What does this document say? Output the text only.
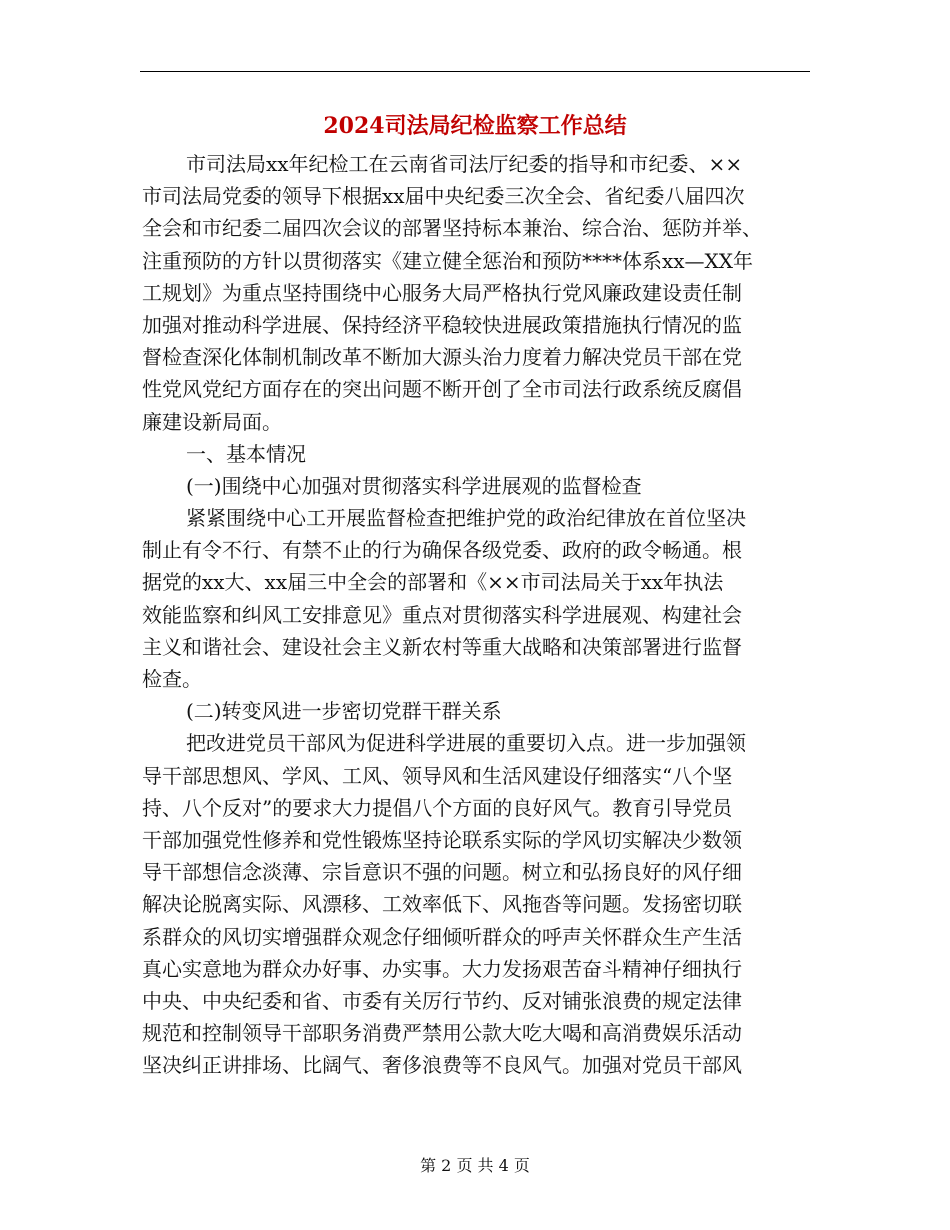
2024司法局纪检监察工作总结
市司法局xx年纪检工在云南省司法厅纪委的指导和市纪委、××
市司法局党委的领导下根据xx届中央纪委三次全会、省纪委八届四次
全会和市纪委二届四次会议的部署坚持标本兼治、综合治、惩防并举、
注重预防的方针以贯彻落实《建立健全惩治和预防****体系xx—XX年
工规划》为重点坚持围绕中心服务大局严格执行党风廉政建设责任制
加强对推动科学进展、保持经济平稳较快进展政策措施执行情况的监
督检查深化体制机制改革不断加大源头治力度着力解决党员干部在党
性党风党纪方面存在的突出问题不断开创了全市司法行政系统反腐倡
廉建设新局面。
一、基本情况
(一)围绕中心加强对贯彻落实科学进展观的监督检查
紧紧围绕中心工开展监督检查把维护党的政治纪律放在首位坚决
制止有令不行、有禁不止的行为确保各级党委、政府的政令畅通。根
据党的xx大、xx届三中全会的部署和《××市司法局关于xx年执法
效能监察和纠风工安排意见》重点对贯彻落实科学进展观、构建社会
主义和谐社会、建设社会主义新农村等重大战略和决策部署进行监督
检查。
(二)转变风进一步密切党群干群关系
把改进党员干部风为促进科学进展的重要切入点。进一步加强领
导干部思想风、学风、工风、领导风和生活风建设仔细落实“八个坚
持、八个反对”的要求大力提倡八个方面的良好风气。教育引导党员
干部加强党性修养和党性锻炼坚持论联系实际的学风切实解决少数领
导干部想信念淡薄、宗旨意识不强的问题。树立和弘扬良好的风仔细
解决论脱离实际、风漂移、工效率低下、风拖沓等问题。发扬密切联
系群众的风切实增强群众观念仔细倾听群众的呼声关怀群众生产生活
真心实意地为群众办好事、办实事。大力发扬艰苦奋斗精神仔细执行
中央、中央纪委和省、市委有关厉行节约、反对铺张浪费的规定法律
规范和控制领导干部职务消费严禁用公款大吃大喝和高消费娱乐活动
坚决纠正讲排场、比阔气、奢侈浪费等不良风气。加强对党员干部风
第 2 页 共 4 页
